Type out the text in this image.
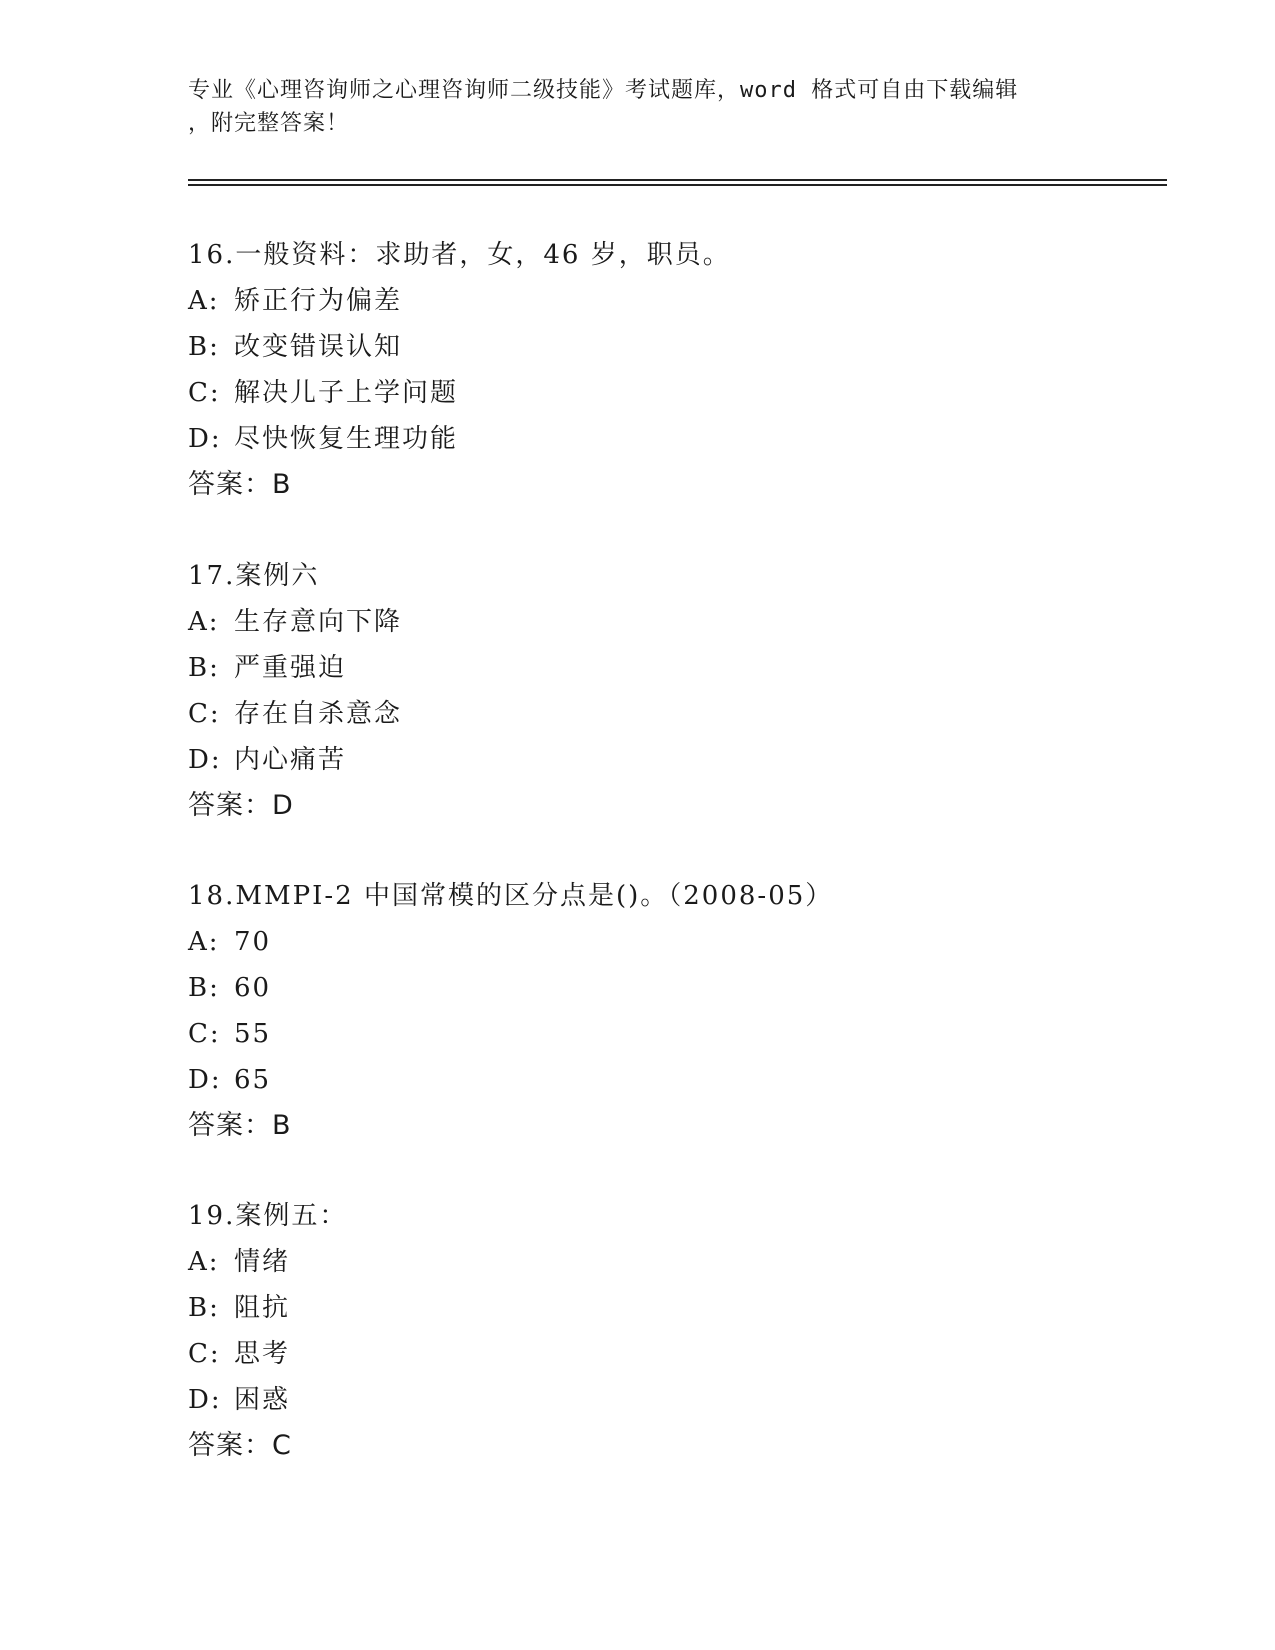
专业《心理咨询师之心理咨询师二级技能》考试题库，word 格式可自由下载编辑
，附完整答案！
16.一般资料：求助者，女，46 岁，职员。
A: 矫正行为偏差
B: 改变错误认知
C: 解决儿子上学问题
D: 尽快恢复生理功能
答案：B
17.案例六
A: 生存意向下降
B: 严重强迫
C: 存在自杀意念
D: 内心痛苦
答案：D
18.MMPI-2 中国常模的区分点是()。（2008-05）
A: 70
B: 60
C: 55
D: 65
答案：B
19.案例五：
A: 情绪
B: 阻抗
C: 思考
D: 困惑
答案：C
